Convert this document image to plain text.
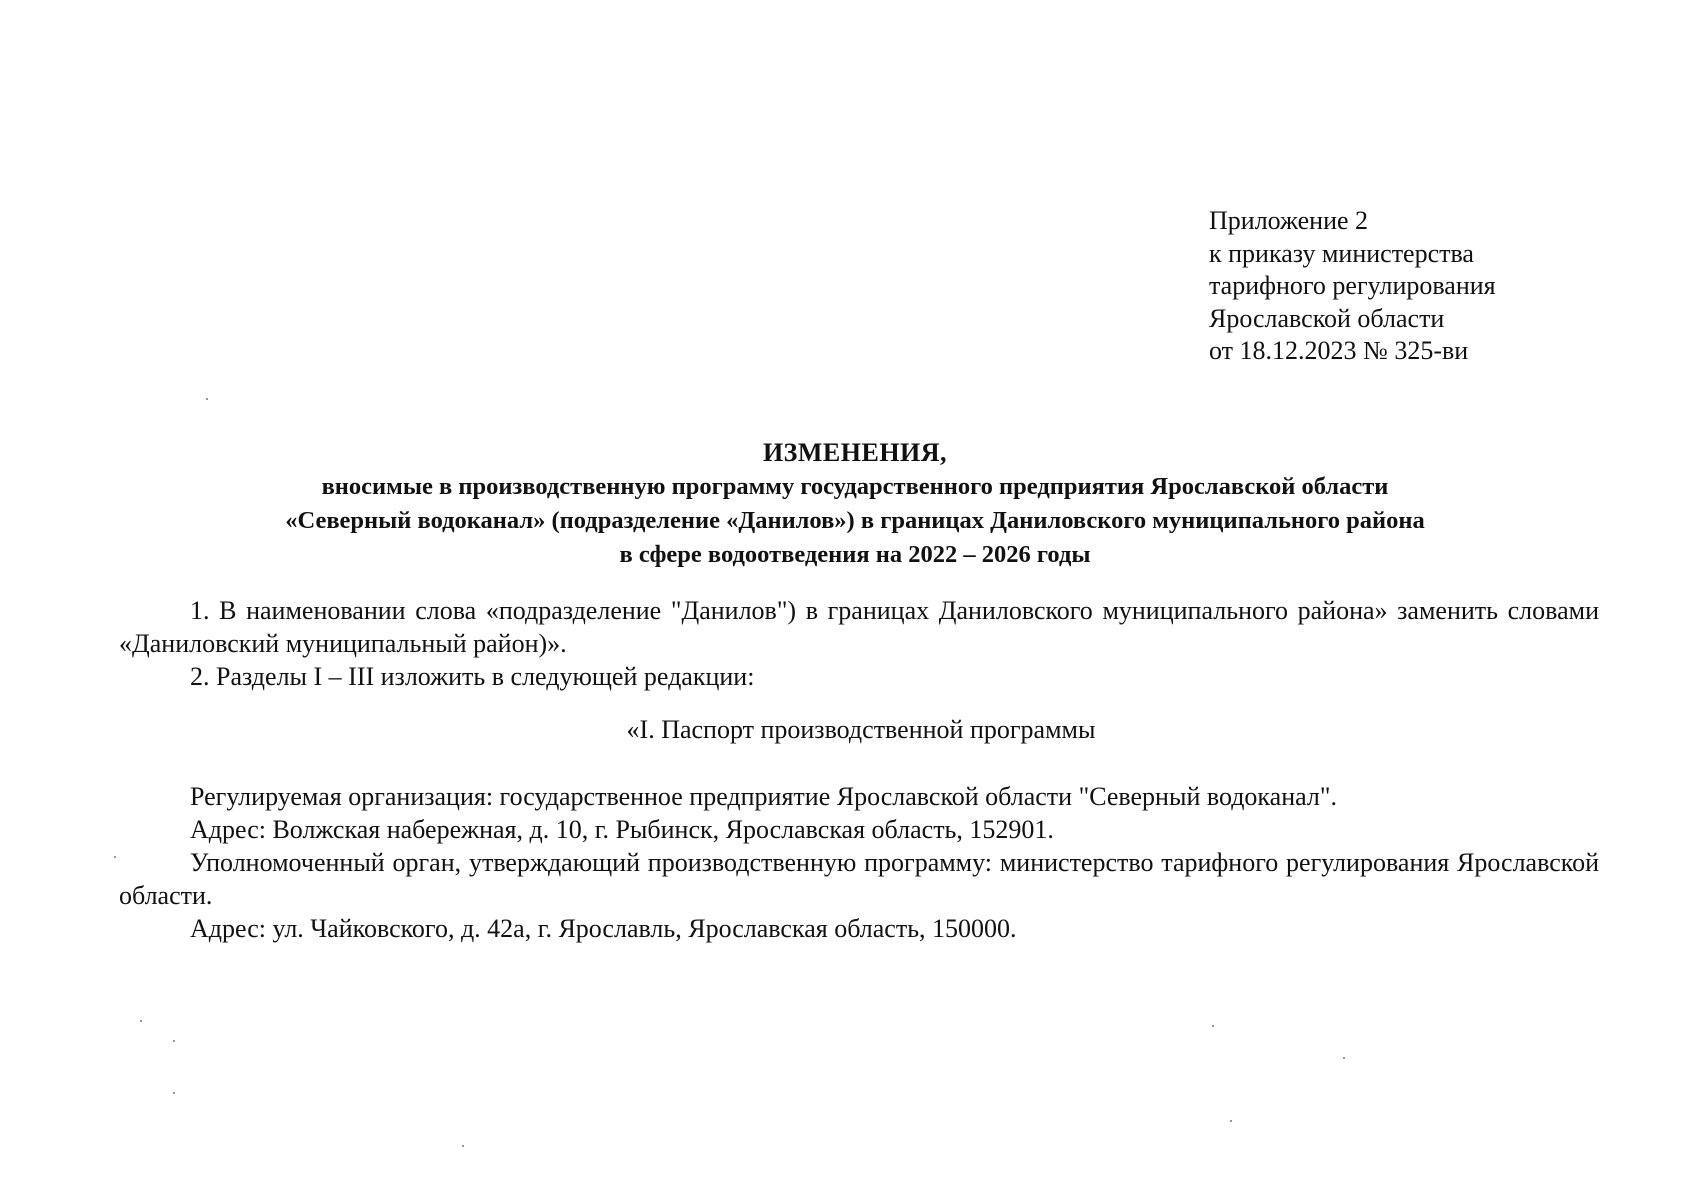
Приложение 2
к приказу министерства
тарифного регулирования
Ярославской области
от 18.12.2023 № 325-ви
ИЗМЕНЕНИЯ,
вносимые в производственную программу государственного предприятия Ярославской области
«Северный водоканал» (подразделение «Данилов») в границах Даниловского муниципального района
в сфере водоотведения на 2022 – 2026 годы

1. В наименовании слова «подразделение "Данилов") в границах Даниловского муниципального района» заменить словами «Даниловский муниципальный район)».

2. Разделы I – III изложить в следующей редакции:

«I. Паспорт производственной программы

Регулируемая организация: государственное предприятие Ярославской области "Северный водоканал".

Адрес: Волжская набережная, д. 10, г. Рыбинск, Ярославская область, 152901.

Уполномоченный орган, утверждающий производственную программу: министерство тарифного регулирования Ярославской области.

Адрес: ул. Чайковского, д. 42а, г. Ярославль, Ярославская область, 150000.
